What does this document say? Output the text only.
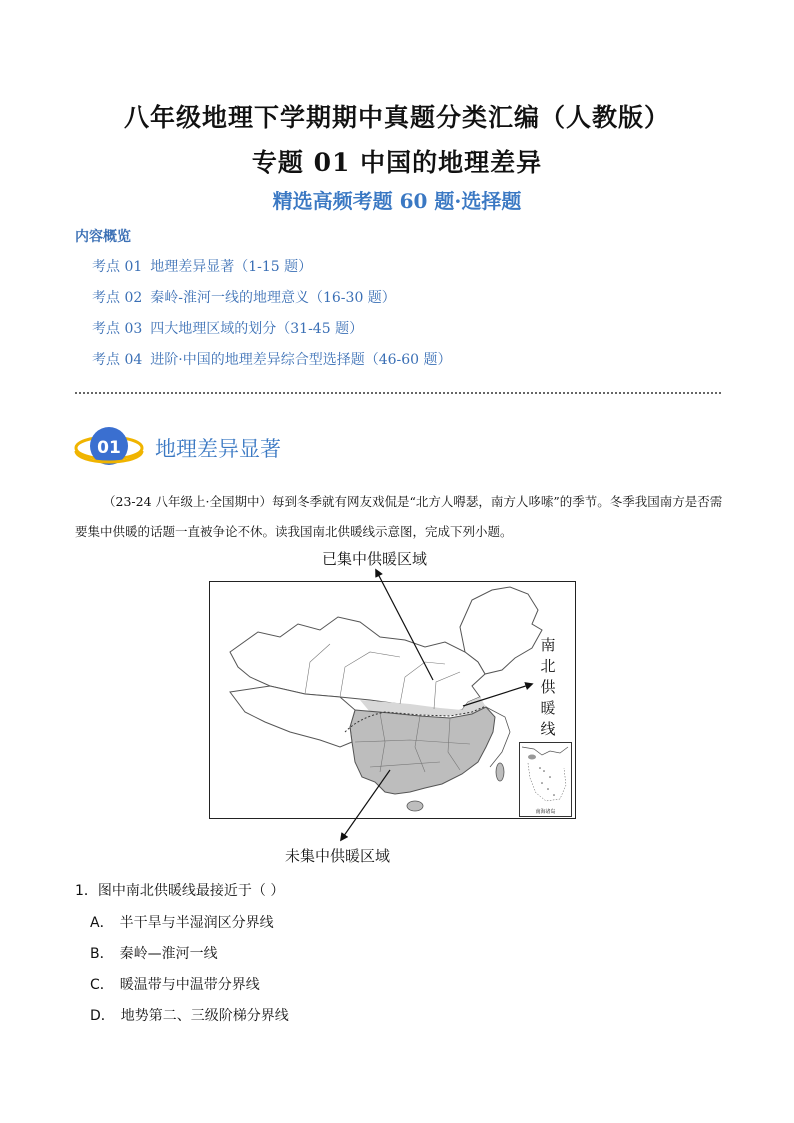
八年级地理下学期期中真题分类汇编（人教版）
专题 01 中国的地理差异
精选高频考题 60 题·选择题
内容概览
考点 01 地理差异显著（1-15 题）
考点 02 秦岭-淮河一线的地理意义（16-30 题）
考点 03 四大地理区域的划分（31-45 题）
考点 04 进阶·中国的地理差异综合型选择题（46-60 题）
01 地理差异显著
（23-24 八年级上·全国期中）每到冬季就有网友戏侃是“北方人嘚瑟，南方人哆嗦”的季节。冬季我国南方是否需要集中供暖的话题一直被争论不休。读我国南北供暖线示意图，完成下列小题。
已集中供暖区域
南北供暖线
未集中供暖区域
南海诸岛
1．图中南北供暖线最接近于（ ）
A． 半干旱与半湿润区分界线
B． 秦岭—淮河一线
C． 暖温带与中温带分界线
D． 地势第二、三级阶梯分界线
